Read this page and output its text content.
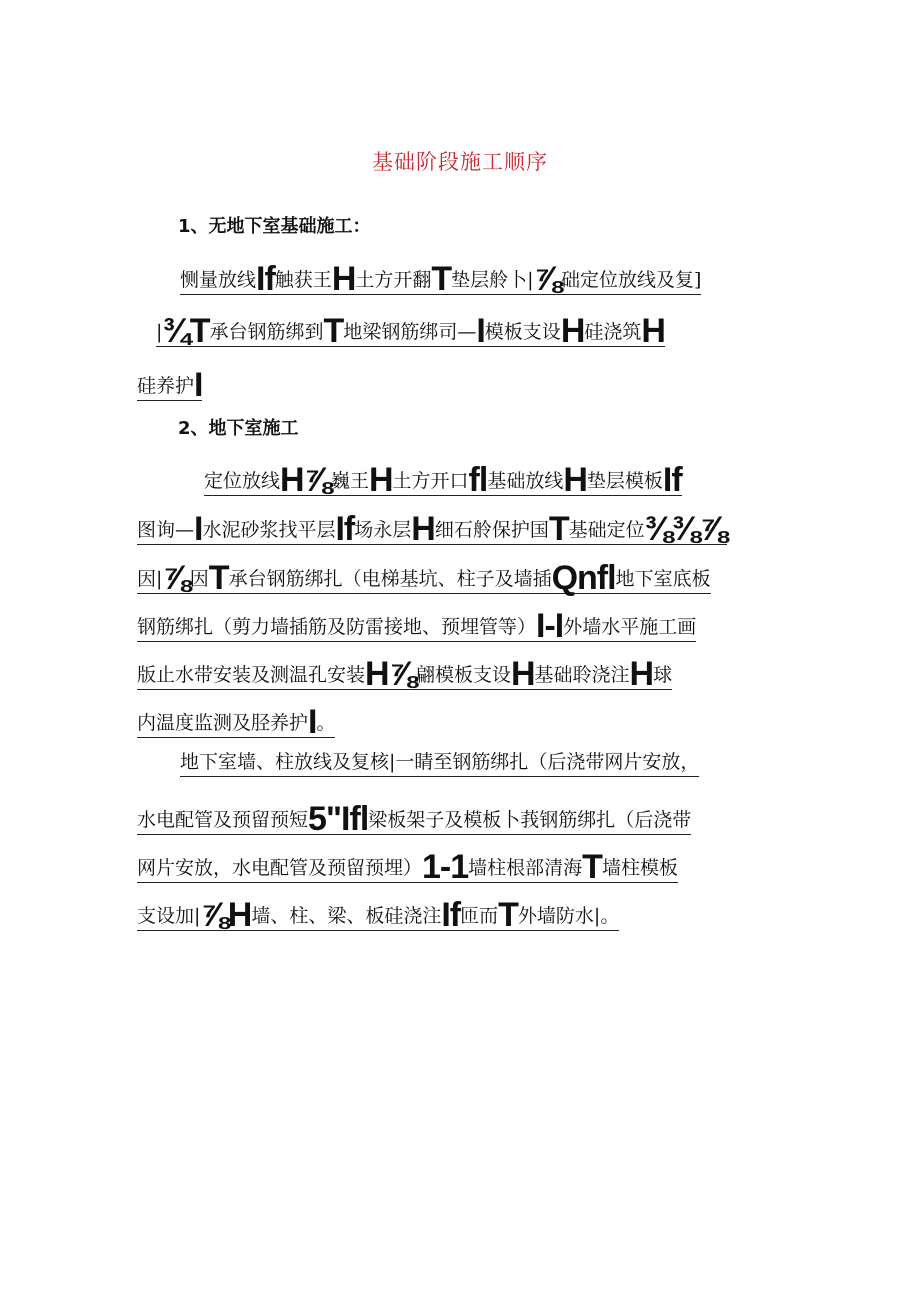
基础阶段施工顺序
1、无地下室基础施工：
恻量放线If触获王H土方开翻T垫层舲卜|⅞础定位放线及复]
|¾T承台钢筋绑到T地梁钢筋绑司—I模板支设H硅浇筑H
硅养护I
2、地下室施工
定位放线H⅞巍王H土方开口fl基础放线H垫层模板If
图询—I水泥砂浆找平层If场永层H细石舲保护国T基础定位⅜⅜⅞
因|⅞因T承台钢筋绑扎（电梯基坑、柱子及墙插Qnfl地下室底板
钢筋绑扎（剪力墙插筋及防雷接地、预埋管等）I-I外墙水平施工画
版止水带安装及测温孔安装H⅞翩模板支设H基础聆浇注H球
内温度监测及胫养护I。
地下室墙、柱放线及复核|一睛至钢筋绑扎（后浇带网片安放，
水电配管及预留预短5"Ifl梁板架子及模板卜莪钢筋绑扎（后浇带
网片安放，水电配管及预留预埋）1-1墙柱根部清海T墙柱模板
支设加|⅞H墙、柱、梁、板硅浇注If匝而T外墙防水|。
